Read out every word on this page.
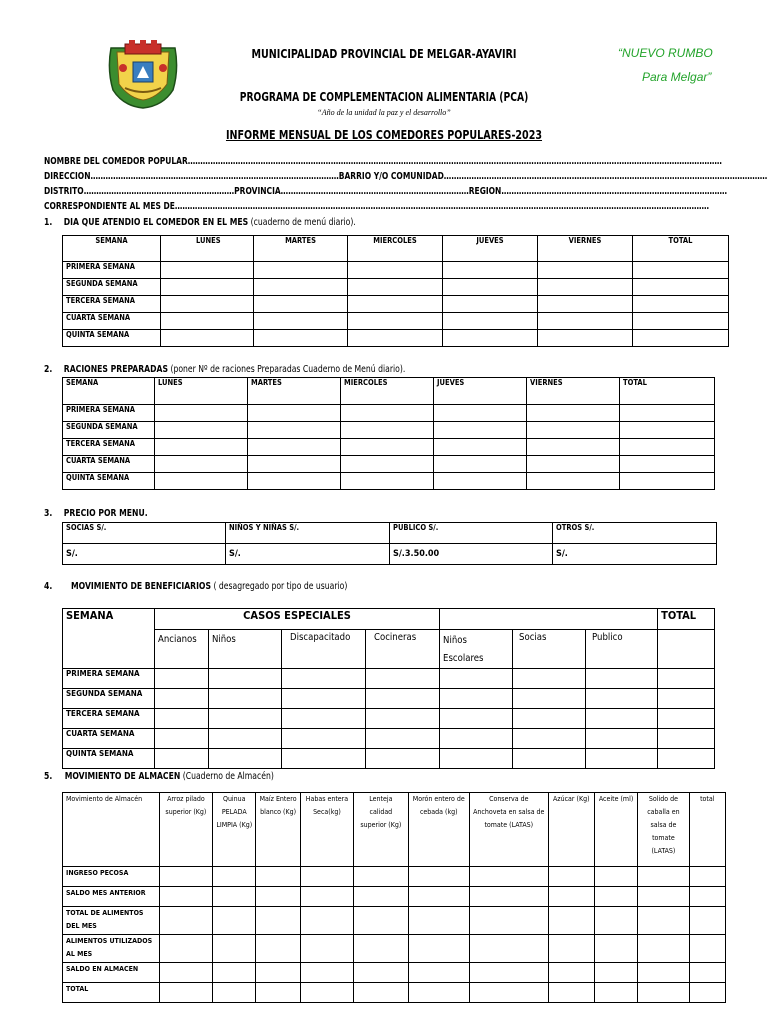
MUNICIPALIDAD PROVINCIAL DE MELGAR-AYAVIRI	“NUEVO RUMBO
Para Melgar”
PROGRAMA DE COMPLEMENTACION ALIMENTARIA (PCA)
“Año de la unidad la paz y el desarrollo”
INFORME MENSUAL DE LOS COMEDORES POPULARES-2023
NOMBRE DEL COMEDOR POPULAR……………………………………………………………………………………………………………………………………………………………………………………………
DIRECCION………………………………………………………………………………………BARRIO Y/O COMUNIDAD…………………………………………………………………………………………………………………
DISTRITO……………………………………………………PROVINCIA…………………………………………………………………REGION………………………………………………………………………………
CORRESPONDIENTE AL MES DE……………………………………………………………………………………………………………………………………………………………………………………………
1. DIA QUE ATENDIO EL COMEDOR EN EL MES (cuaderno de menú diario).
SEMANA	LUNES	MARTES	MIERCOLES	JUEVES	VIERNES	TOTAL
PRIMERA SEMANA						
SEGUNDA SEMANA						
TERCERA SEMANA						
CUARTA SEMANA						
QUINTA SEMANA						
2. RACIONES PREPARADAS (poner Nº de raciones Preparadas Cuaderno de Menú diario).
SEMANA	LUNES	MARTES	MIERCOLES	JUEVES	VIERNES	TOTAL
PRIMERA SEMANA						
SEGUNDA SEMANA						
TERCERA SEMANA						
CUARTA SEMANA						
QUINTA SEMANA						
3. PRECIO POR MENU.
SOCIAS S/.	NIÑOS Y NIÑAS S/.	PUBLICO S/.	OTROS S/.
S/.	S/.	S/.3.50.00	S/.
4. MOVIMIENTO DE BENEFICIARIOS ( desagregado por tipo de usuario)
SEMANA	CASOS ESPECIALES							TOTAL
	Ancianos	Niños	Discapacitado	Cocineras	Niños Escolares	Socias	Publico	
PRIMERA SEMANA								
SEGUNDA SEMANA								
TERCERA SEMANA								
CUARTA SEMANA								
QUINTA SEMANA								
5. MOVIMIENTO DE ALMACEN (Cuaderno de Almacén)
Movimiento de Almacén	Arroz pilado superior (Kg)	Quinua PELADA LIMPIA (Kg)	Maíz Entero blanco (Kg)	Habas entera Seca(kg)	Lenteja calidad superior (Kg)	Morón entero de cebada (kg)	Conserva de Anchoveta en salsa de tomate (LATAS)	Azúcar (Kg)	Aceite (ml)	Solido de caballa en salsa de tomate (LATAS)	total
INGRESO PECOSA											
SALDO MES ANTERIOR											
TOTAL DE ALIMENTOS DEL MES											
ALIMENTOS UTILIZADOS AL MES											
SALDO EN ALMACEN											
TOTAL											
